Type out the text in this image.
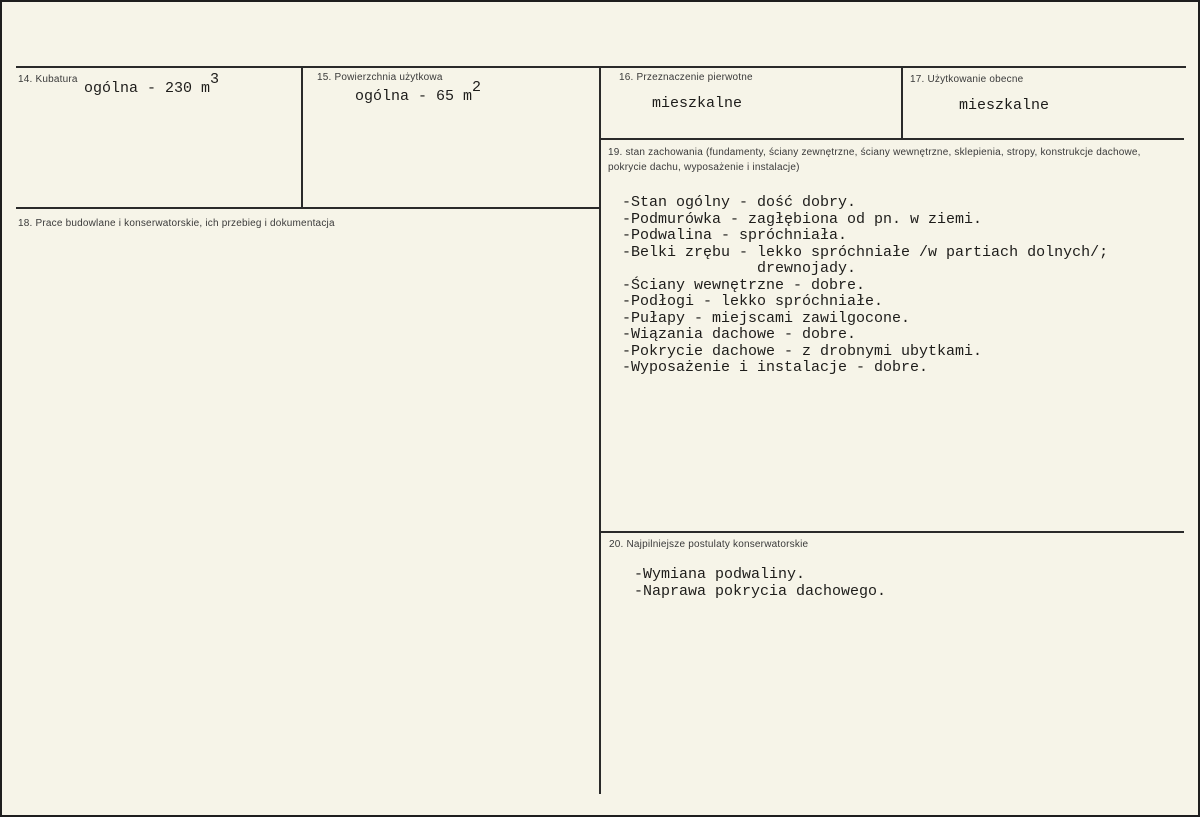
14. Kubatura
ogólna - 230 m3	15. Powierzchnia użytkowa
ogólna - 65 m2
16. Przeznaczenie pierwotne
mieszkalne
17. Użytkowanie obecne
mieszkalne
18. Prace budowlane i konserwatorskie, ich przebieg i dokumentacja
19. stan zachowania (fundamenty, ściany zewnętrzne, ściany wewnętrzne, sklepienia, stropy, konstrukcje dachowe, pokrycie dachu, wyposażenie i instalacje)
-Stan ogólny - dość dobry.
-Podmurówka - zagłębiona od pn. w ziemi.
-Podwalina - spróchniała.
-Belki zrębu - lekko spróchniałe /w partiach dolnych/;
drewnojady.
-Ściany wewnętrzne - dobre.
-Podłogi - lekko spróchniałe.
-Pułapy - miejscami zawilgocone.
-Wiązania dachowe - dobre.
-Pokrycie dachowe - z drobnymi ubytkami.
-Wyposażenie i instalacje - dobre.
20. Najpilniejsze postulaty konserwatorskie
-Wymiana podwaliny.
-Naprawa pokrycia dachowego.
